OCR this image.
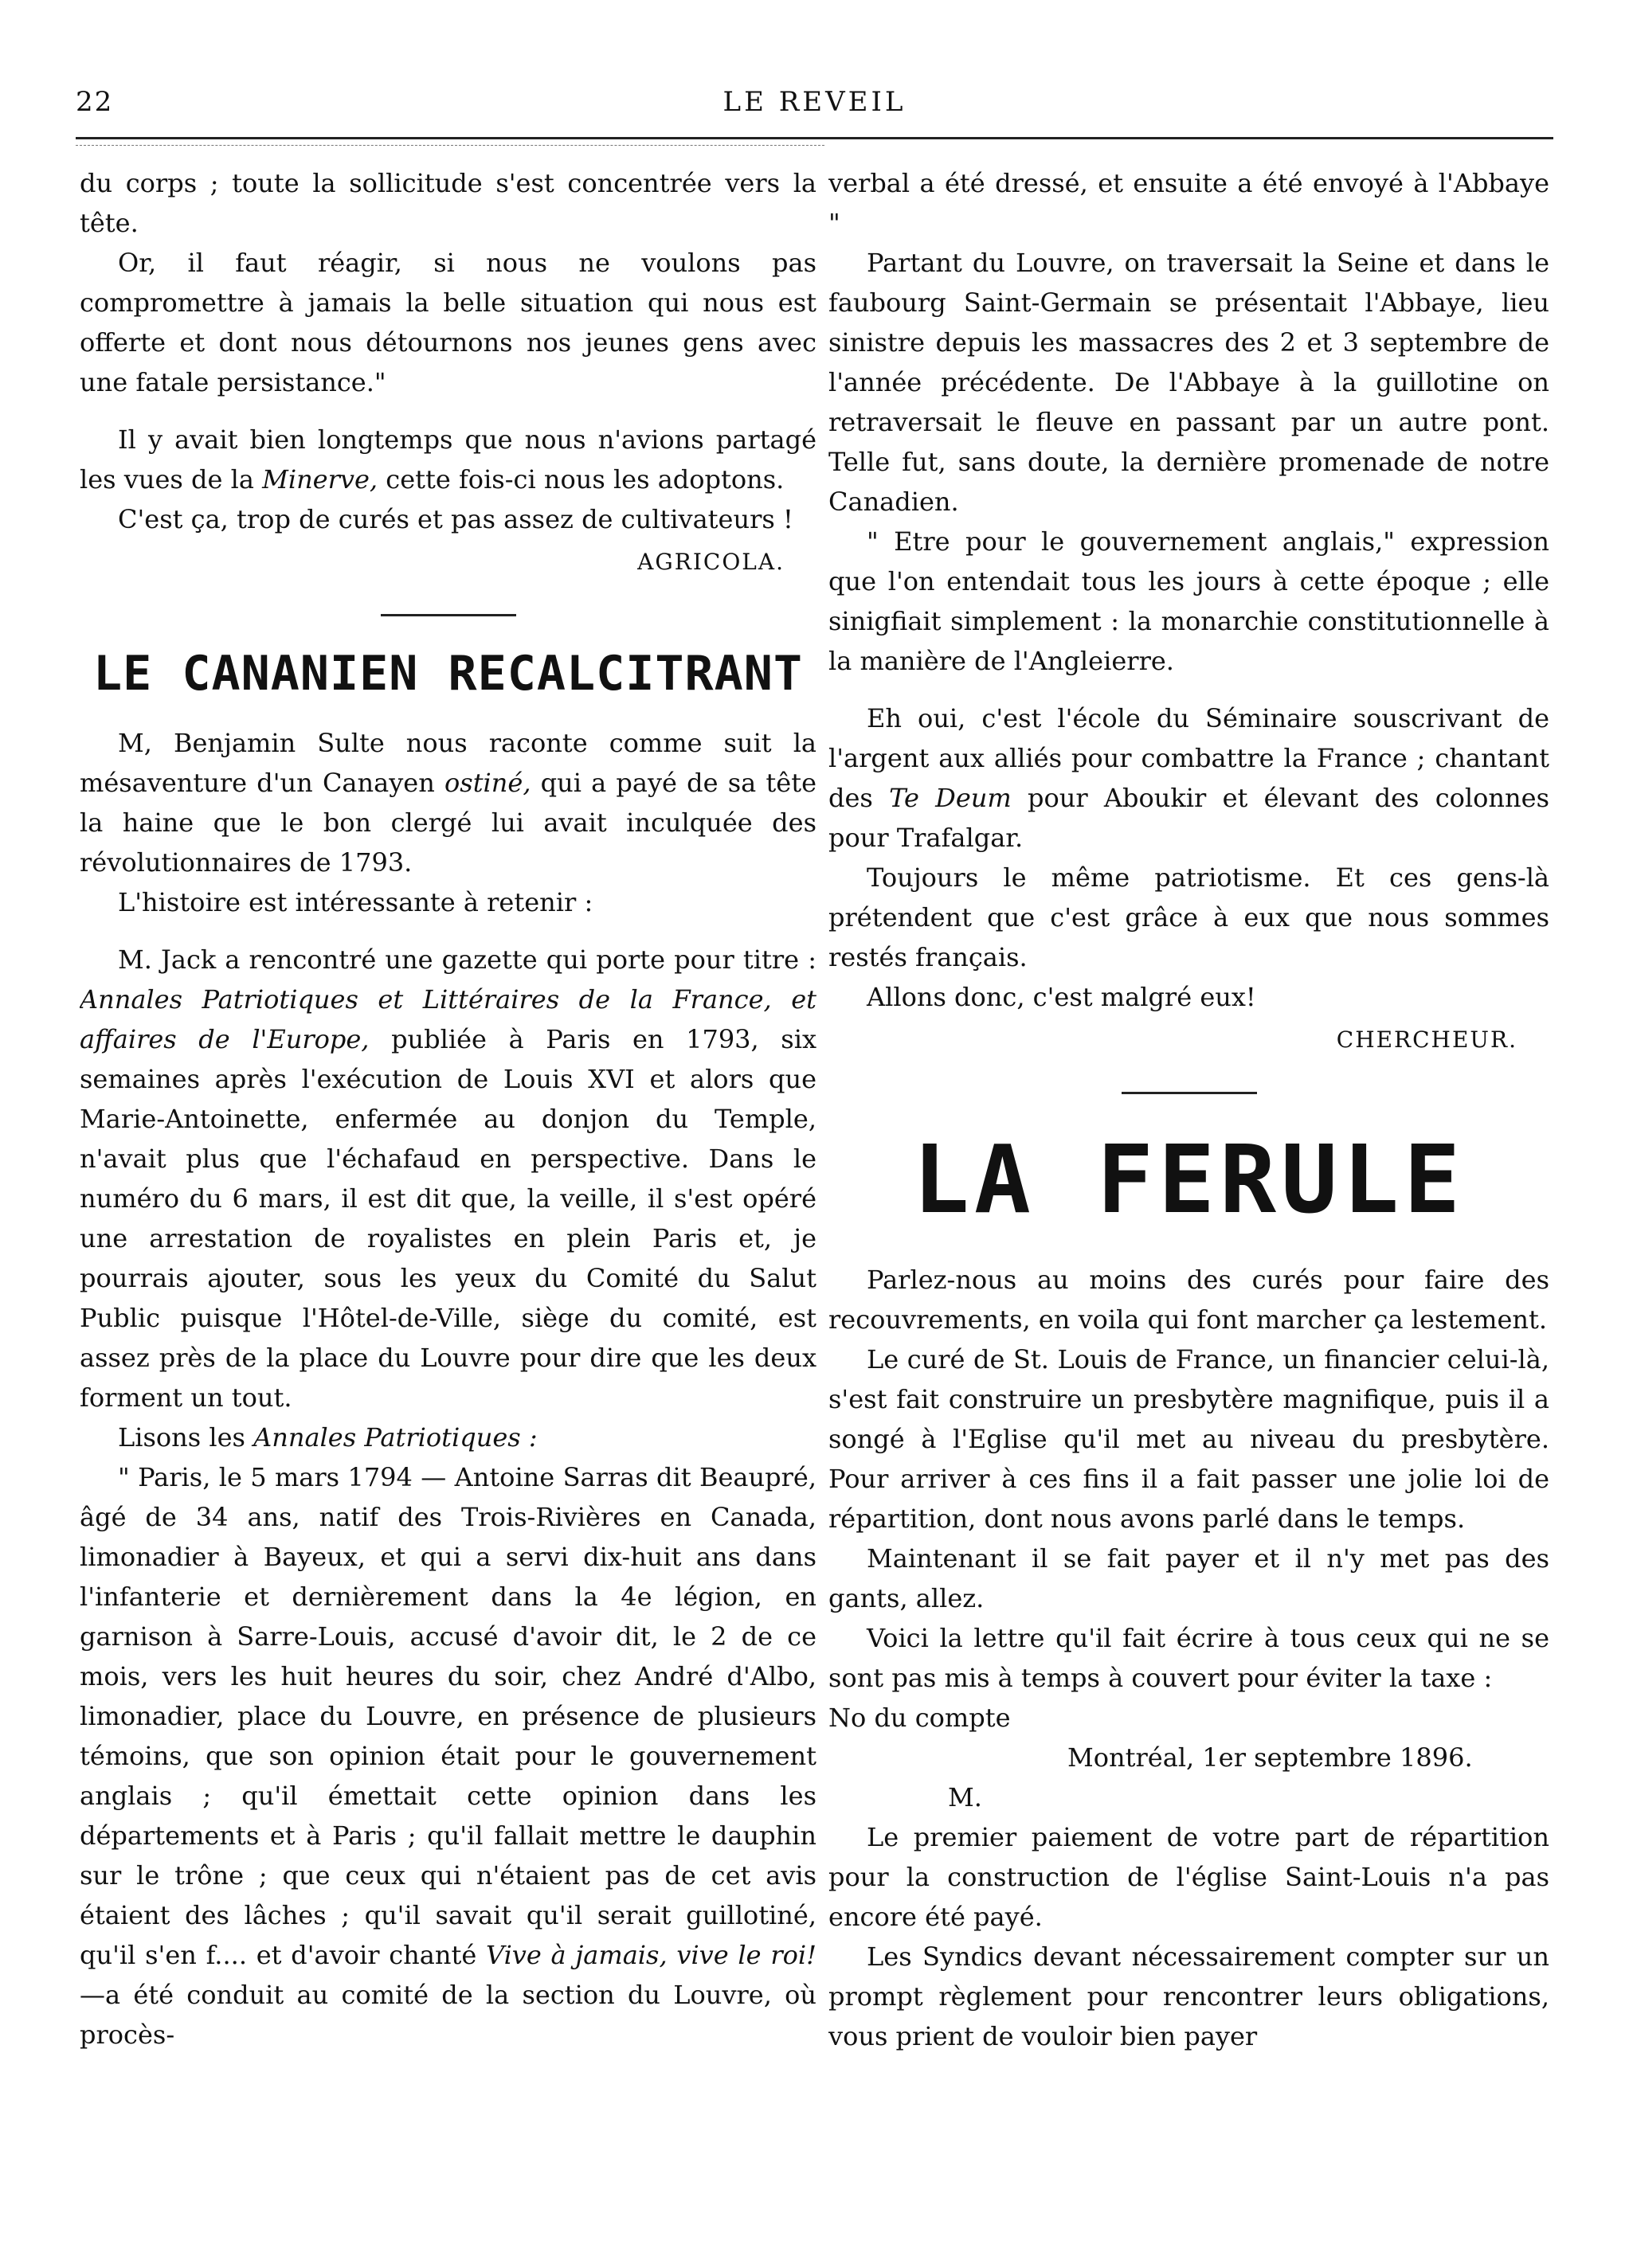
22	LE REVEIL

du corps ; toute la sollicitude s'est concentrée vers la tête.

Or, il faut réagir, si nous ne voulons pas compromettre à jamais la belle situation qui nous est offerte et dont nous détournons nos jeunes gens avec une fatale persistance."

Il y avait bien longtemps que nous n'avions partagé les vues de la Minerve, cette fois-ci nous les adoptons.

C'est ça, trop de curés et pas assez de cultivateurs !

AGRICOLA.

LE CANANIEN RECALCITRANT

M, Benjamin Sulte nous raconte comme suit la mésaventure d'un Canayen ostiné, qui a payé de sa tête la haine que le bon clergé lui avait inculquée des révolutionnaires de 1793.

L'histoire est intéressante à retenir :

M. Jack a rencontré une gazette qui porte pour titre : Annales Patriotiques et Littéraires de la France, et affaires de l'Europe, publiée à Paris en 1793, six semaines après l'exécution de Louis XVI et alors que Marie-Antoinette, enfermée au donjon du Temple, n'avait plus que l'échafaud en perspective. Dans le numéro du 6 mars, il est dit que, la veille, il s'est opéré une arrestation de royalistes en plein Paris et, je pourrais ajouter, sous les yeux du Comité du Salut Public puisque l'Hôtel-de-Ville, siège du comité, est assez près de la place du Louvre pour dire que les deux forment un tout.

Lisons les Annales Patriotiques :

" Paris, le 5 mars 1794 — Antoine Sarras dit Beaupré, âgé de 34 ans, natif des Trois-Rivières en Canada, limonadier à Bayeux, et qui a servi dix-huit ans dans l'infanterie et dernièrement dans la 4e légion, en garnison à Sarre-Louis, accusé d'avoir dit, le 2 de ce mois, vers les huit heures du soir, chez André d'Albo, limonadier, place du Louvre, en présence de plusieurs témoins, que son opinion était pour le gouvernement anglais ; qu'il émettait cette opinion dans les départements et à Paris ; qu'il fallait mettre le dauphin sur le trône ; que ceux qui n'étaient pas de cet avis étaient des lâches ; qu'il savait qu'il serait guillotiné, qu'il s'en f.... et d'avoir chanté Vive à jamais, vive le roi!—a été conduit au comité de la section du Louvre, où procès-

verbal a été dressé, et ensuite a été envoyé à l'Abbaye "

Partant du Louvre, on traversait la Seine et dans le faubourg Saint-Germain se présentait l'Abbaye, lieu sinistre depuis les massacres des 2 et 3 septembre de l'année précédente. De l'Abbaye à la guillotine on retraversait le fleuve en passant par un autre pont. Telle fut, sans doute, la dernière promenade de notre Canadien.

" Etre pour le gouvernement anglais," expression que l'on entendait tous les jours à cette époque ; elle sinigfiait simplement : la monarchie constitutionnelle à la manière de l'Angleierre.

Eh oui, c'est l'école du Séminaire souscrivant de l'argent aux alliés pour combattre la France ; chantant des Te Deum pour Aboukir et élevant des colonnes pour Trafalgar.

Toujours le même patriotisme. Et ces gens-là prétendent que c'est grâce à eux que nous sommes restés français.

Allons donc, c'est malgré eux!

CHERCHEUR.

LA FERULE

Parlez-nous au moins des curés pour faire des recouvrements, en voila qui font marcher ça lestement.

Le curé de St. Louis de France, un financier celui-là, s'est fait construire un presbytère magnifique, puis il a songé à l'Eglise qu'il met au niveau du presbytère. Pour arriver à ces fins il a fait passer une jolie loi de répartition, dont nous avons parlé dans le temps.

Maintenant il se fait payer et il n'y met pas des gants, allez.

Voici la lettre qu'il fait écrire à tous ceux qui ne se sont pas mis à temps à couvert pour éviter la taxe :

No du compte

Montréal, 1er septembre 1896.

M.

Le premier paiement de votre part de répartition pour la construction de l'église Saint-Louis n'a pas encore été payé.

Les Syndics devant nécessairement compter sur un prompt règlement pour rencontrer leurs obligations, vous prient de vouloir bien payer
